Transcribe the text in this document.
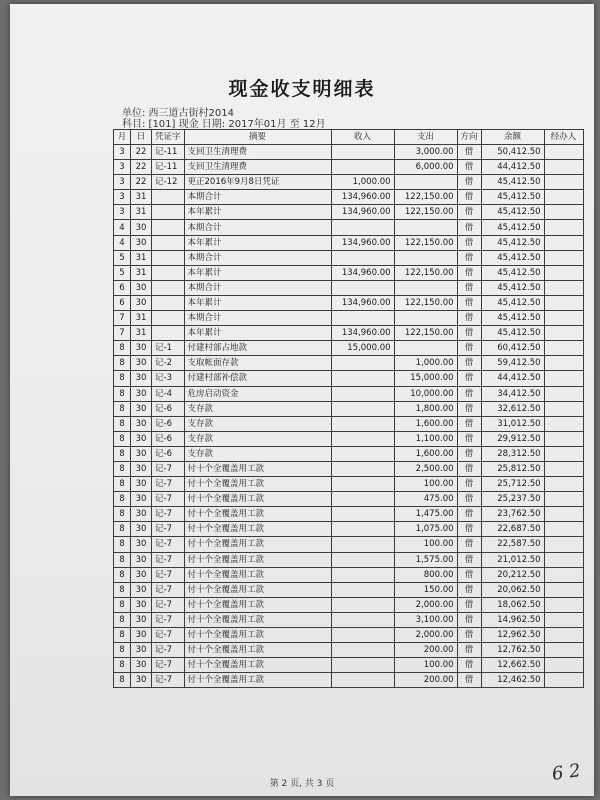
现金收支明细表
单位: 西三道古街村2014
科目: [101] 现金 日期: 2017年01月 至 12月
月	日	凭证字	摘要	收入	支出	方向	余额	经办人
3	22	记-11	支回卫生清理费		3,000.00	借	50,412.50	
3	22	记-11	支回卫生清理费		6,000.00	借	44,412.50	
3	22	记-12	更正2016年9月8日凭证	1,000.00		借	45,412.50	
3	31		本期合计	134,960.00	122,150.00	借	45,412.50	
3	31		本年累计	134,960.00	122,150.00	借	45,412.50	
4	30		本期合计			借	45,412.50	
4	30		本年累计	134,960.00	122,150.00	借	45,412.50	
5	31		本期合计			借	45,412.50	
5	31		本年累计	134,960.00	122,150.00	借	45,412.50	
6	30		本期合计			借	45,412.50	
6	30		本年累计	134,960.00	122,150.00	借	45,412.50	
7	31		本期合计			借	45,412.50	
7	31		本年累计	134,960.00	122,150.00	借	45,412.50	
8	30	记-1	付建村部占地款	15,000.00		借	60,412.50	
8	30	记-2	支取帐面存款		1,000.00	借	59,412.50	
8	30	记-3	付建村部补偿款		15,000.00	借	44,412.50	
8	30	记-4	危房启动资金		10,000.00	借	34,412.50	
8	30	记-6	支存款		1,800.00	借	32,612.50	
8	30	记-6	支存款		1,600.00	借	31,012.50	
8	30	记-6	支存款		1,100.00	借	29,912.50	
8	30	记-6	支存款		1,600.00	借	28,312.50	
8	30	记-7	付十个全覆盖用工款		2,500.00	借	25,812.50	
8	30	记-7	付十个全覆盖用工款		100.00	借	25,712.50	
8	30	记-7	付十个全覆盖用工款		475.00	借	25,237.50	
8	30	记-7	付十个全覆盖用工款		1,475.00	借	23,762.50	
8	30	记-7	付十个全覆盖用工款		1,075.00	借	22,687.50	
8	30	记-7	付十个全覆盖用工款		100.00	借	22,587.50	
8	30	记-7	付十个全覆盖用工款		1,575.00	借	21,012.50	
8	30	记-7	付十个全覆盖用工款		800.00	借	20,212.50	
8	30	记-7	付十个全覆盖用工款		150.00	借	20,062.50	
8	30	记-7	付十个全覆盖用工款		2,000.00	借	18,062.50	
8	30	记-7	付十个全覆盖用工款		3,100.00	借	14,962.50	
8	30	记-7	付十个全覆盖用工款		2,000.00	借	12,962.50	
8	30	记-7	付十个全覆盖用工款		200.00	借	12,762.50	
8	30	记-7	付十个全覆盖用工款		100.00	借	12,662.50	
8	30	记-7	付十个全覆盖用工款		200.00	借	12,462.50	
第 2 页, 共 3 页	6 2
